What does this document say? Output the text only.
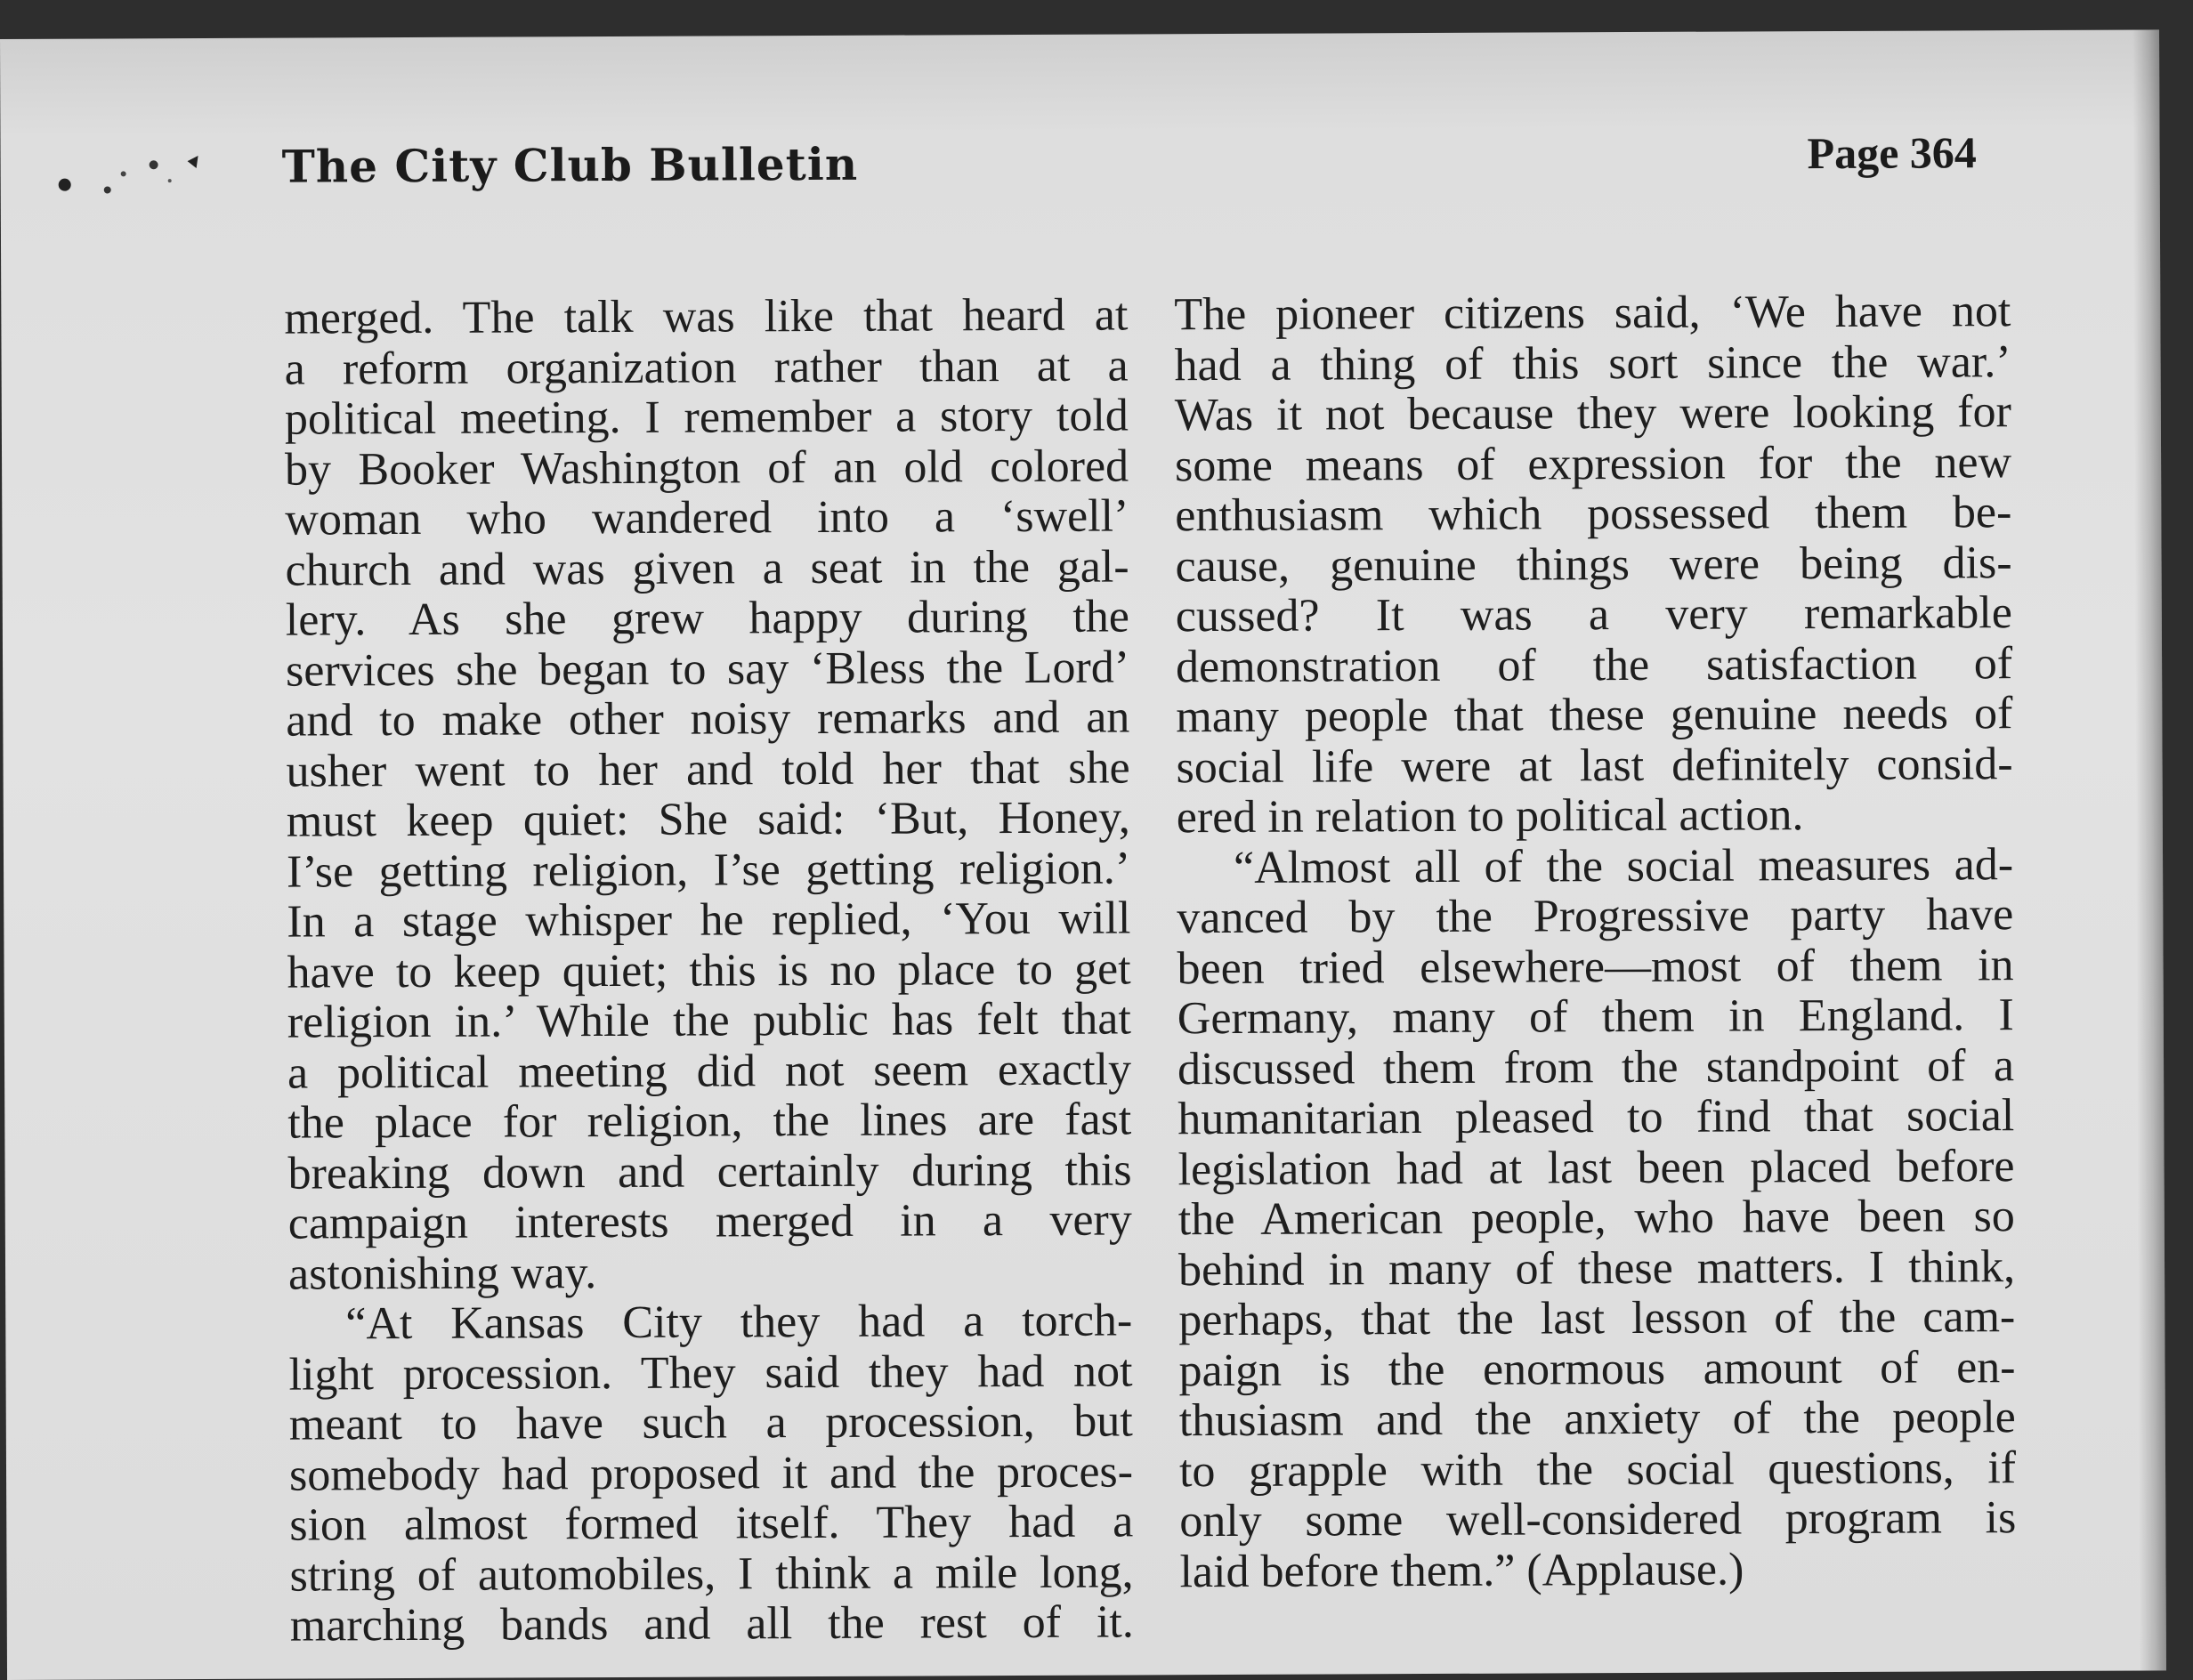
The City Club Bulletin	Page 364
merged. The talk was like that heard at
a reform organization rather than at a
political meeting. I remember a story told
by Booker Washington of an old colored
woman who wandered into a ‘swell’
church and was given a seat in the gal-
lery. As she grew happy during the
services she began to say ‘Bless the Lord’
and to make other noisy remarks and an
usher went to her and told her that she
must keep quiet: She said: ‘But, Honey,
I’se getting religion, I’se getting religion.’
In a stage whisper he replied, ‘You will
have to keep quiet; this is no place to get
religion in.’ While the public has felt that
a political meeting did not seem exactly
the place for religion, the lines are fast
breaking down and certainly during this
campaign interests merged in a very
astonishing way.
“At Kansas City they had a torch-
light procession. They said they had not
meant to have such a procession, but
somebody had proposed it and the proces-
sion almost formed itself. They had a
string of automobiles, I think a mile long,
marching bands and all the rest of it.
The pioneer citizens said, ‘We have not
had a thing of this sort since the war.’
Was it not because they were looking for
some means of expression for the new
enthusiasm which possessed them be-
cause, genuine things were being dis-
cussed? It was a very remarkable
demonstration of the satisfaction of
many people that these genuine needs of
social life were at last definitely consid-
ered in relation to political action.
“Almost all of the social measures ad-
vanced by the Progressive party have
been tried elsewhere—most of them in
Germany, many of them in England. I
discussed them from the standpoint of a
humanitarian pleased to find that social
legislation had at last been placed before
the American people, who have been so
behind in many of these matters. I think,
perhaps, that the last lesson of the cam-
paign is the enormous amount of en-
thusiasm and the anxiety of the people
to grapple with the social questions, if
only some well-considered program is
laid before them.” (Applause.)
